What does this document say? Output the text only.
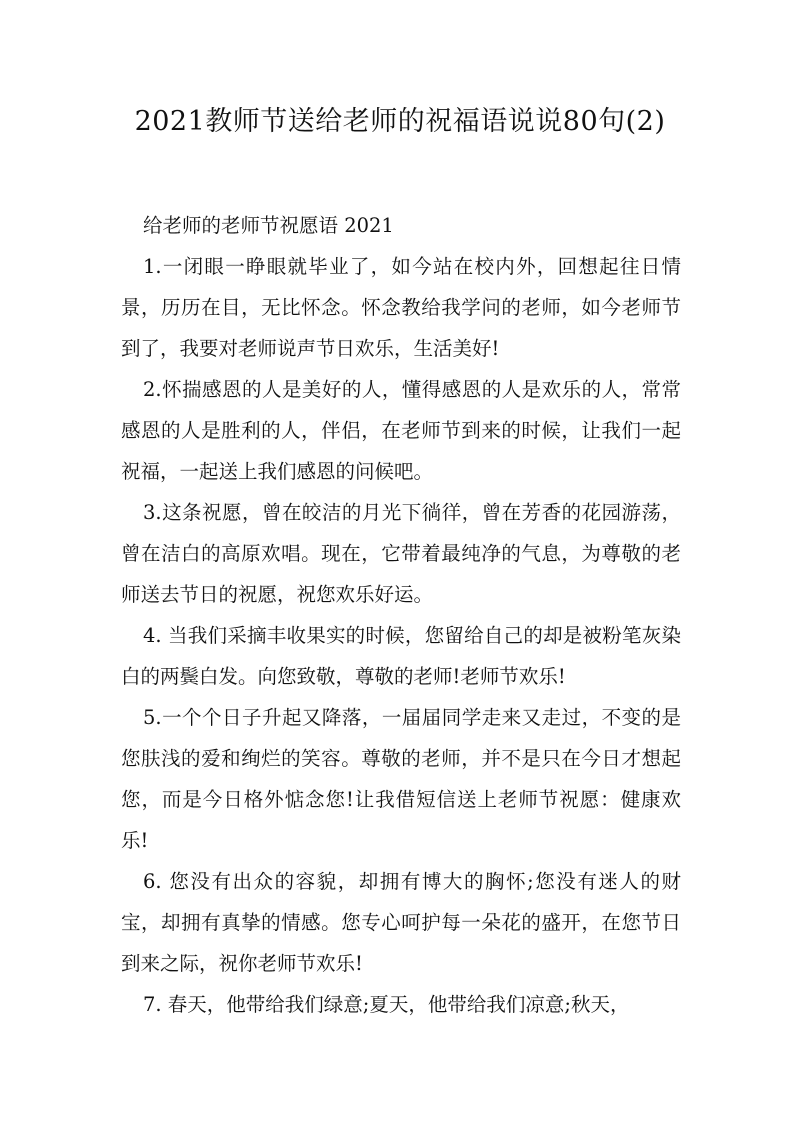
2021教师节送给老师的祝福语说说80句(2)

给老师的老师节祝愿语 2021

1.一闭眼一睁眼就毕业了，如今站在校内外，回想起往日情景，历历在目，无比怀念。怀念教给我学问的老师，如今老师节到了，我要对老师说声节日欢乐，生活美好!

2.怀揣感恩的人是美好的人，懂得感恩的人是欢乐的人，常常感恩的人是胜利的人，伴侣，在老师节到来的时候，让我们一起祝福，一起送上我们感恩的问候吧。

3.这条祝愿，曾在皎洁的月光下徜徉，曾在芳香的花园游荡，曾在洁白的高原欢唱。现在，它带着最纯净的气息，为尊敬的老师送去节日的祝愿，祝您欢乐好运。

4. 当我们采摘丰收果实的时候，您留给自己的却是被粉笔灰染白的两鬓白发。向您致敬，尊敬的老师!老师节欢乐!

5.一个个日子升起又降落，一届届同学走来又走过，不变的是您肤浅的爱和绚烂的笑容。尊敬的老师，并不是只在今日才想起您，而是今日格外惦念您!让我借短信送上老师节祝愿：健康欢乐!

6. 您没有出众的容貌，却拥有博大的胸怀;您没有迷人的财宝，却拥有真挚的情感。您专心呵护每一朵花的盛开，在您节日到来之际，祝你老师节欢乐!

7. 春天，他带给我们绿意;夏天，他带给我们凉意;秋天，
